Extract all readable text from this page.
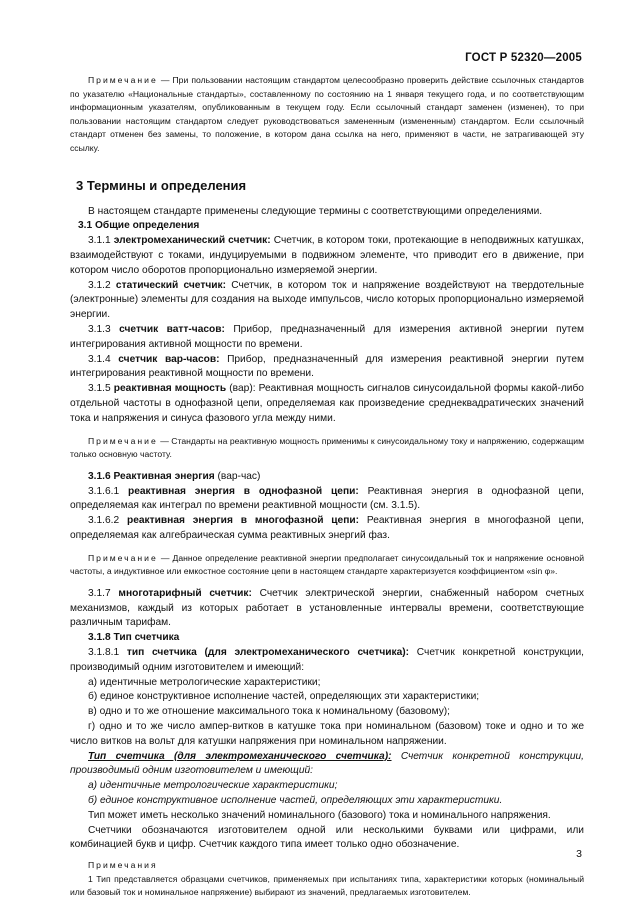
ГОСТ Р 52320—2005

Примечание — При пользовании настоящим стандартом целесообразно проверить действие ссылочных стандартов по указателю «Национальные стандарты», составленному по состоянию на 1 января текущего года, и по соответствующим информационным указателям, опубликованным в текущем году. Если ссылочный стандарт заменен (изменен), то при пользовании настоящим стандартом следует руководствоваться замененным (измененным) стандартом. Если ссылочный стандарт отменен без замены, то положение, в котором дана ссылка на него, применяют в части, не затрагивающей эту ссылку.

3 Термины и определения

В настоящем стандарте применены следующие термины с соответствующими определениями.

3.1 Общие определения

3.1.1 электромеханический счетчик: Счетчик, в котором токи, протекающие в неподвижных катушках, взаимодействуют с токами, индуцируемыми в подвижном элементе, что приводит его в движение, при котором число оборотов пропорционально измеряемой энергии.

3.1.2 статический счетчик: Счетчик, в котором ток и напряжение воздействуют на твердотельные (электронные) элементы для создания на выходе импульсов, число которых пропорционально измеряемой энергии.

3.1.3 счетчик ватт-часов: Прибор, предназначенный для измерения активной энергии путем интегрирования активной мощности по времени.

3.1.4 счетчик вар-часов: Прибор, предназначенный для измерения реактивной энергии путем интегрирования реактивной мощности по времени.

3.1.5 реактивная мощность (вар): Реактивная мощность сигналов синусоидальной формы какой-либо отдельной частоты в однофазной цепи, определяемая как произведение среднеквадратических значений тока и напряжения и синуса фазового угла между ними.

Примечание — Стандарты на реактивную мощность применимы к синусоидальному току и напряжению, содержащим только основную частоту.

3.1.6 Реактивная энергия (вар-час)

3.1.6.1 реактивная энергия в однофазной цепи: Реактивная энергия в однофазной цепи, определяемая как интеграл по времени реактивной мощности (см. 3.1.5).

3.1.6.2 реактивная энергия в многофазной цепи: Реактивная энергия в многофазной цепи, определяемая как алгебраическая сумма реактивных энергий фаз.

Примечание — Данное определение реактивной энергии предполагает синусоидальный ток и напряжение основной частоты, а индуктивное или емкостное состояние цепи в настоящем стандарте характеризуется коэффициентом «sin φ».

3.1.7 многотарифный счетчик: Счетчик электрической энергии, снабженный набором счетных механизмов, каждый из которых работает в установленные интервалы времени, соответствующие различным тарифам.

3.1.8 Тип счетчика

3.1.8.1 тип счетчика (для электромеханического счетчика): Счетчик конкретной конструкции, производимый одним изготовителем и имеющий:

а) идентичные метрологические характеристики;

б) единое конструктивное исполнение частей, определяющих эти характеристики;

в) одно и то же отношение максимального тока к номинальному (базовому);

г) одно и то же число ампер-витков в катушке тока при номинальном (базовом) токе и одно и то же число витков на вольт для катушки напряжения при номинальном напряжении.

Тип счетчика (для электромеханического счетчика): Счетчик конкретной конструкции, производимый одним изготовителем и имеющий:

а) идентичные метрологические характеристики;

б) единое конструктивное исполнение частей, определяющих эти характеристики.

Тип может иметь несколько значений номинального (базового) тока и номинального напряжения.

Счетчики обозначаются изготовителем одной или несколькими буквами или цифрами, или комбинацией букв и цифр. Счетчик каждого типа имеет только одно обозначение.

Примечания

1 Тип представляется образцами счетчиков, применяемых при испытаниях типа, характеристики которых (номинальный или базовый ток и номинальное напряжение) выбирают из значений, предлагаемых изготовителем.

3
